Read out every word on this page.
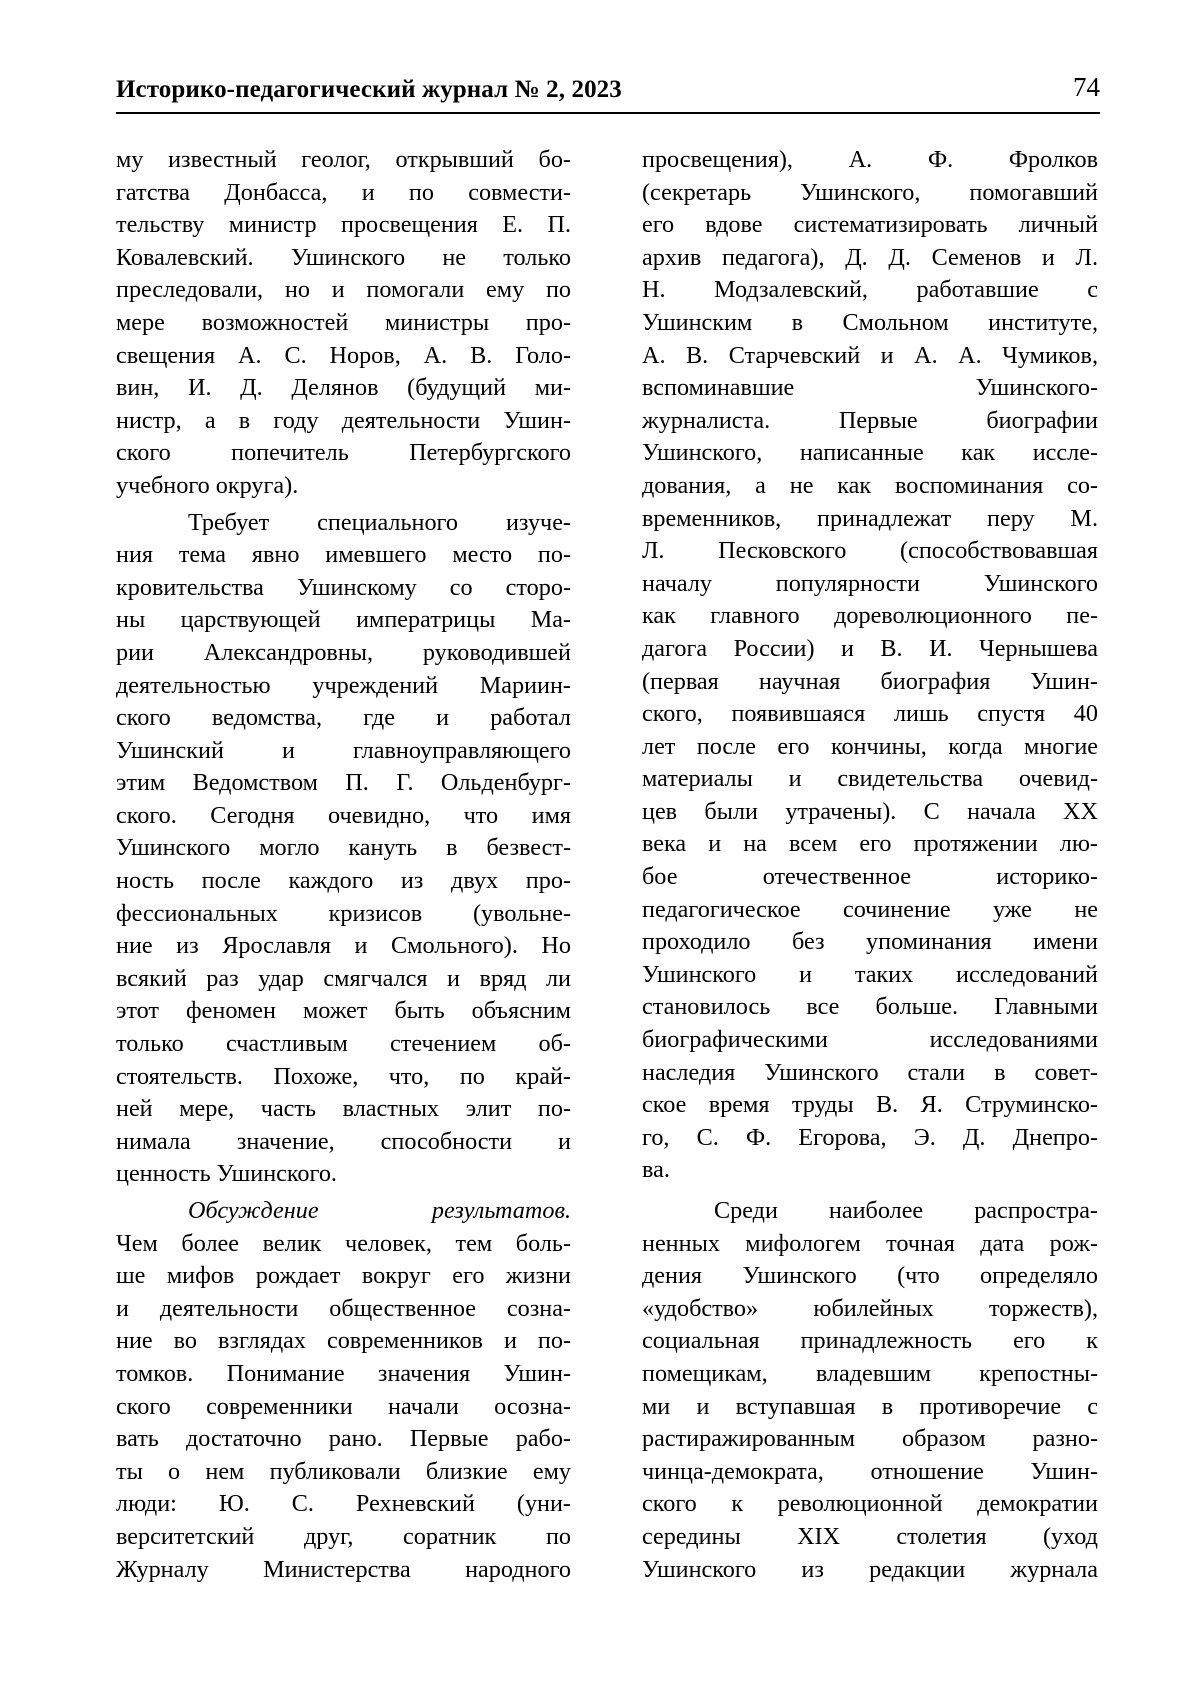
Историко-педагогический журнал № 2, 2023	74
му известный геолог, открывший бо-
гатства Донбасса, и по совмести-
тельству министр просвещения Е. П.
Ковалевский. Ушинского не только
преследовали, но и помогали ему по
мере возможностей министры про-
свещения А. С. Норов, А. В. Голо-
вин, И. Д. Делянов (будущий ми-
нистр, а в году деятельности Ушин-
ского попечитель Петербургского
учебного округа).
Требует специального изуче-
ния тема явно имевшего место по-
кровительства Ушинскому со сторо-
ны царствующей императрицы Ма-
рии Александровны, руководившей
деятельностью учреждений Мариин-
ского ведомства, где и работал
Ушинский и главноуправляющего
этим Ведомством П. Г. Ольденбург-
ского. Сегодня очевидно, что имя
Ушинского могло кануть в безвест-
ность после каждого из двух про-
фессиональных кризисов (увольне-
ние из Ярославля и Смольного). Но
всякий раз удар смягчался и вряд ли
этот феномен может быть объясним
только счастливым стечением об-
стоятельств. Похоже, что, по край-
ней мере, часть властных элит по-
нимала значение, способности и
ценность Ушинского.
Обсуждение результатов.
Чем более велик человек, тем боль-
ше мифов рождает вокруг его жизни
и деятельности общественное созна-
ние во взглядах современников и по-
томков. Понимание значения Ушин-
ского современники начали осозна-
вать достаточно рано. Первые рабо-
ты о нем публиковали близкие ему
люди: Ю. С. Рехневский (уни-
верситетский друг, соратник по
Журналу Министерства народного
просвещения), А. Ф. Фролков
(секретарь Ушинского, помогавший
его вдове систематизировать личный
архив педагога), Д. Д. Семенов и Л.
Н. Модзалевский, работавшие с
Ушинским в Смольном институте,
А. В. Старчевский и А. А. Чумиков,
вспоминавшие Ушинского-
журналиста. Первые биографии
Ушинского, написанные как иссле-
дования, а не как воспоминания со-
временников, принадлежат перу М.
Л. Песковского (способствовавшая
началу популярности Ушинского
как главного дореволюционного пе-
дагога России) и В. И. Чернышева
(первая научная биография Ушин-
ского, появившаяся лишь спустя 40
лет после его кончины, когда многие
материалы и свидетельства очевид-
цев были утрачены). С начала XX
века и на всем его протяжении лю-
бое отечественное историко-
педагогическое сочинение уже не
проходило без упоминания имени
Ушинского и таких исследований
становилось все больше. Главными
биографическими исследованиями
наследия Ушинского стали в совет-
ское время труды В. Я. Струминско-
го, С. Ф. Егорова, Э. Д. Днепро-
ва.
Среди наиболее распростра-
ненных мифологем точная дата рож-
дения Ушинского (что определяло
«удобство» юбилейных торжеств),
социальная принадлежность его к
помещикам, владевшим крепостны-
ми и вступавшая в противоречие с
растиражированным образом разно-
чинца-демократа, отношение Ушин-
ского к революционной демократии
середины XIX столетия (уход
Ушинского из редакции журнала
